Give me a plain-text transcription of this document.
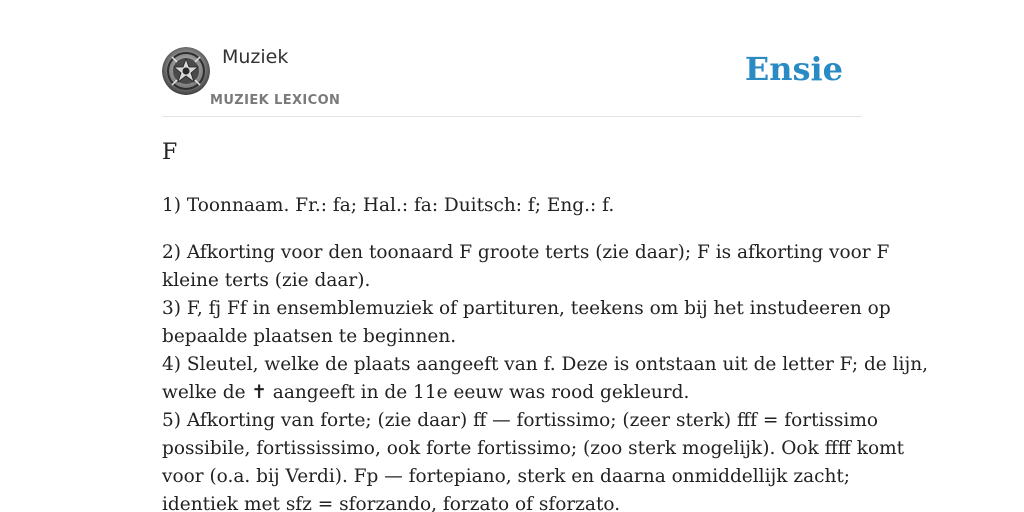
Muziek
MUZIEK LEXICON
Ensie
F

1) Toonnaam. Fr.: fa; Hal.: fa: Duitsch: f; Eng.: f.

2) Afkorting voor den toonaard F groote terts (zie daar); F is afkorting voor F
kleine terts (zie daar).
3) F, fj Ff in ensemblemuziek of partituren, teekens om bij het instudeeren op
bepaalde plaatsen te beginnen.
4) Sleutel, welke de plaats aangeeft van f. Deze is ontstaan uit de letter F; de lijn,
welke de ✝ aangeeft in de 11e eeuw was rood gekleurd.
5) Afkorting van forte; (zie daar) ff — fortissimo; (zeer sterk) fff = fortissimo
possibile, fortississimo, ook forte fortissimo; (zoo sterk mogelijk). Ook ffff komt
voor (o.a. bij Verdi). Fp — fortepiano, sterk en daarna onmiddellijk zacht;
identiek met sfz = sforzando, forzato of sforzato.
